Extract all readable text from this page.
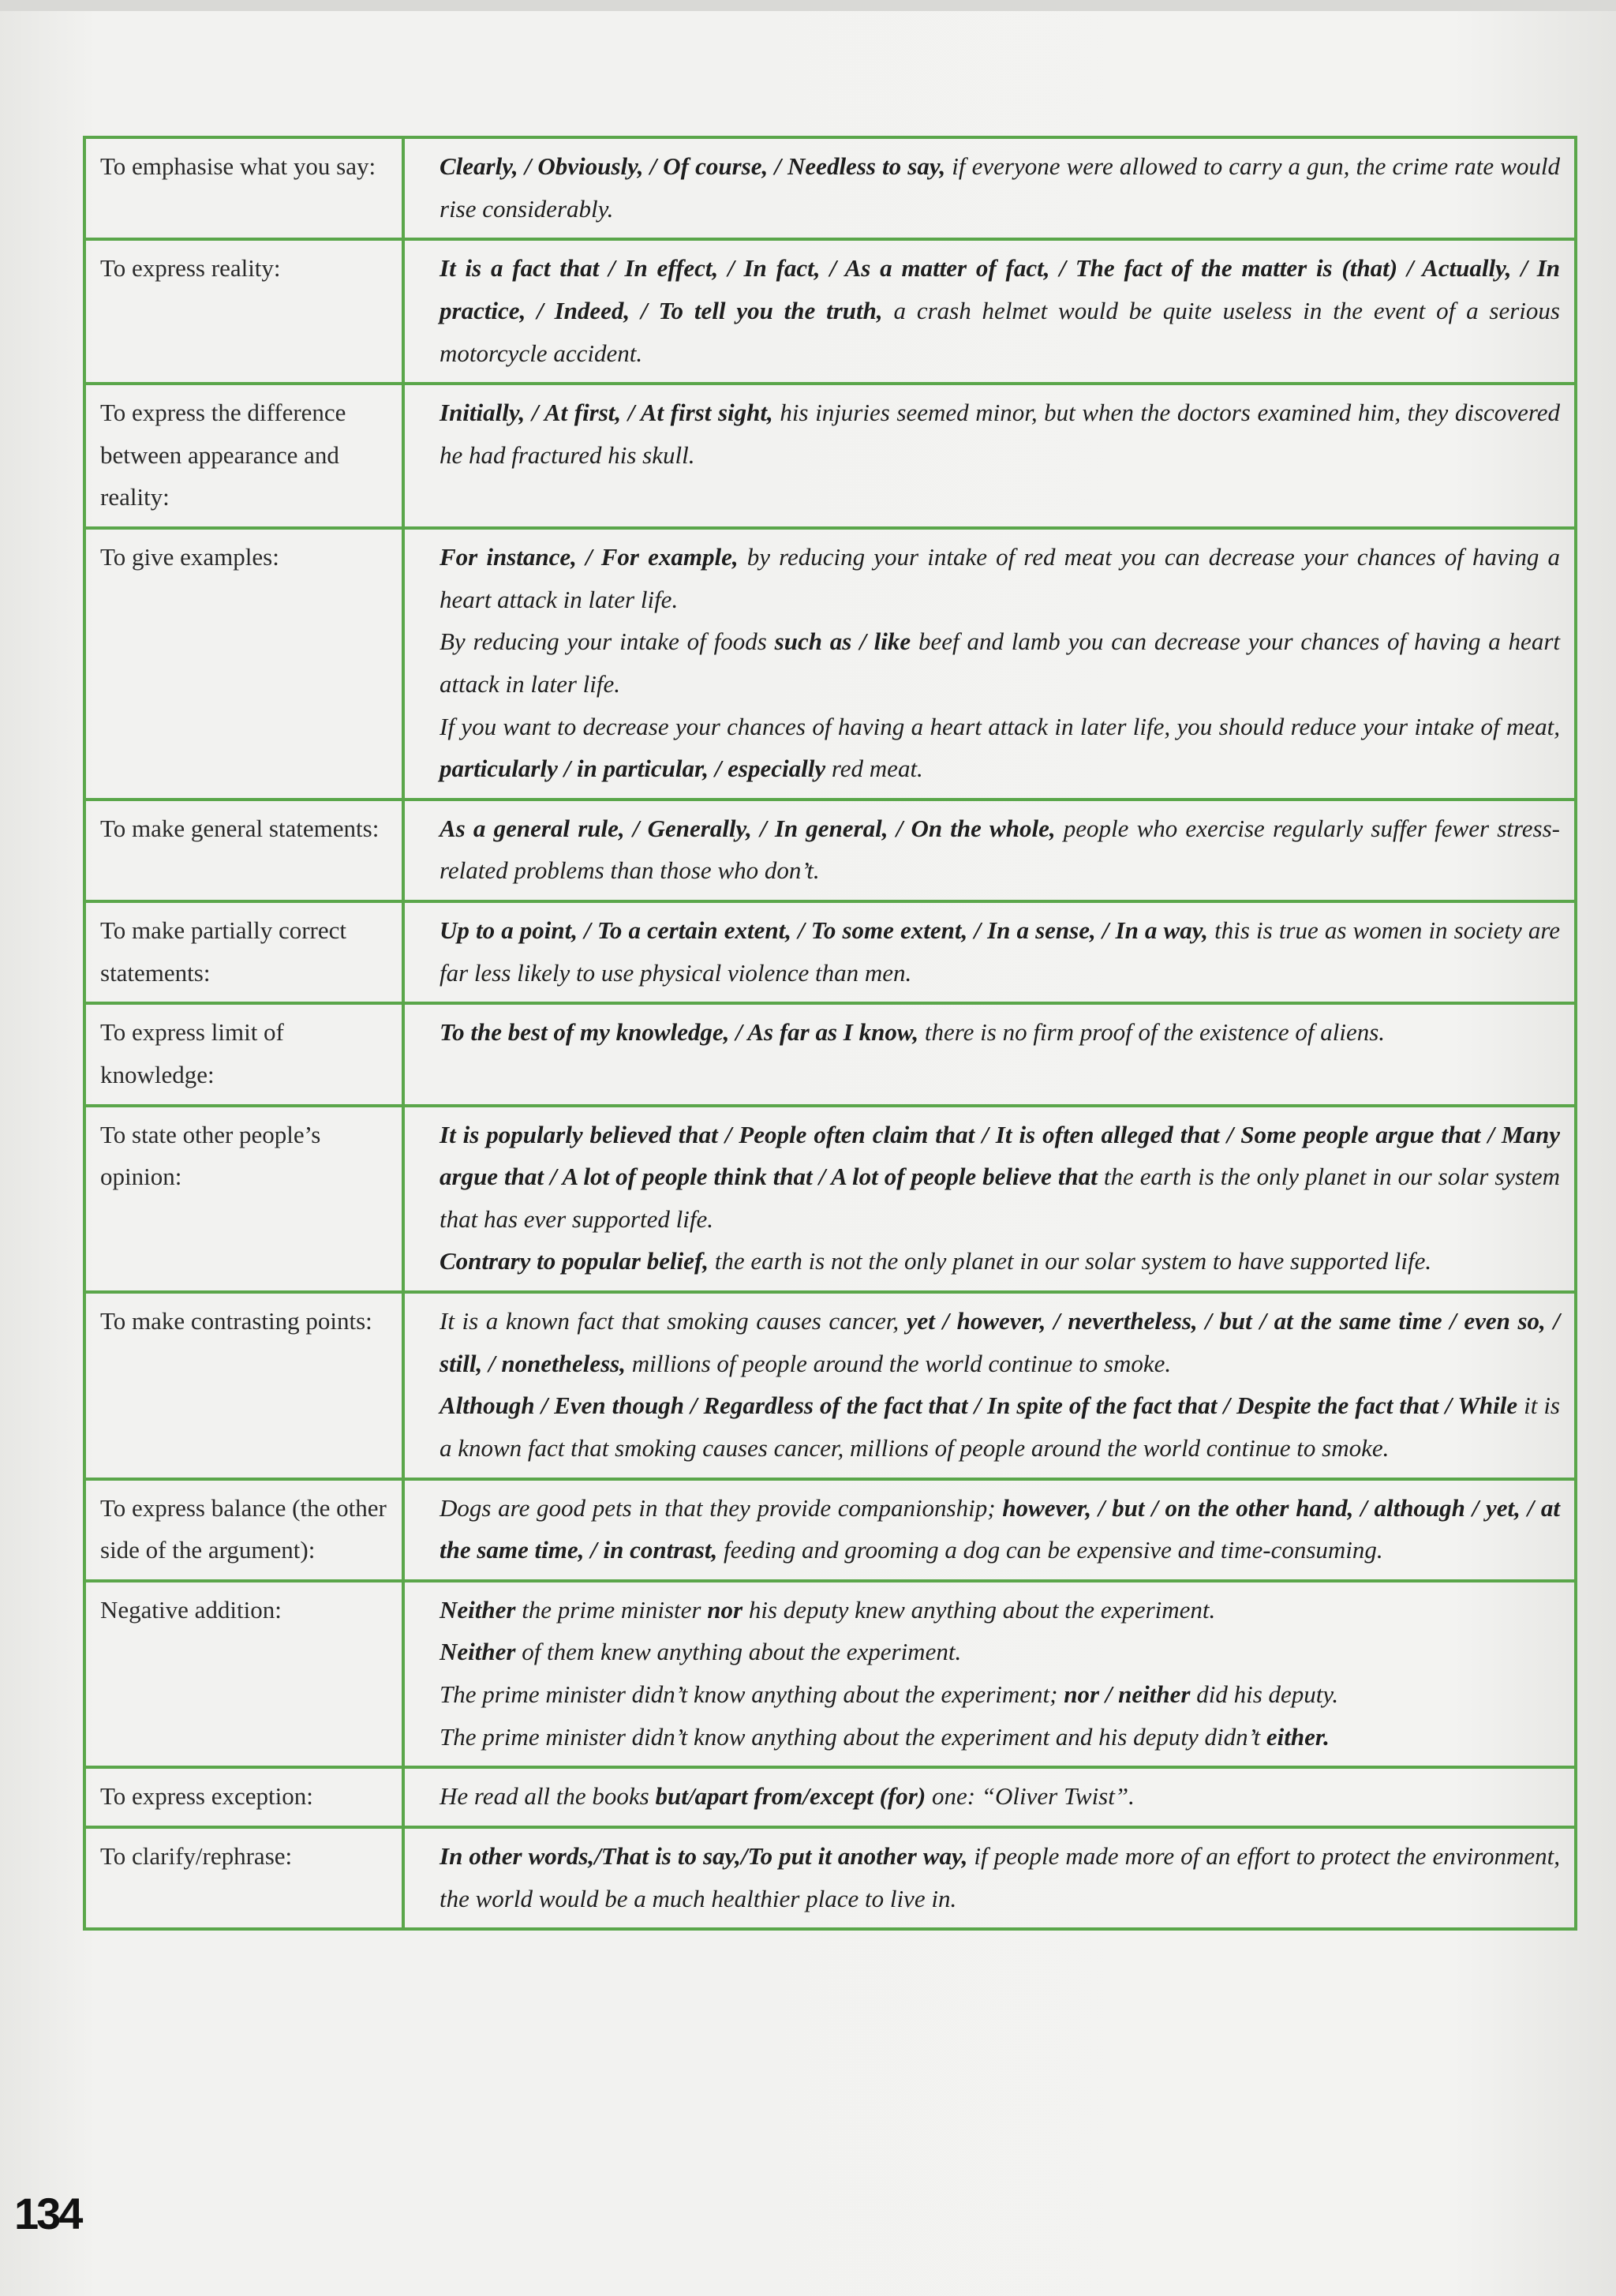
To emphasise what you say:	Clearly, / Obviously, / Of course, / Needless to say, if everyone were allowed to carry a gun, the crime rate would rise considerably.

To express reality:	It is a fact that / In effect, / In fact, / As a matter of fact, / The fact of the matter is (that) / Actually, / In practice, / Indeed, / To tell you the truth, a crash helmet would be quite useless in the event of a serious motorcycle accident.

To express the difference between appearance and reality:	Initially, / At first, / At first sight, his injuries seemed minor, but when the doctors examined him, they discovered he had fractured his skull.

To give examples:	For instance, / For example, by reducing your intake of red meat you can decrease your chances of having a heart attack in later life.

By reducing your intake of foods such as / like beef and lamb you can decrease your chances of having a heart attack in later life.

If you want to decrease your chances of having a heart attack in later life, you should reduce your intake of meat, particularly / in particular, / especially red meat.

To make general statements:	As a general rule, / Generally, / In general, / On the whole, people who exercise regularly suffer fewer stress-related problems than those who don’t.

To make partially correct statements:	Up to a point, / To a certain extent, / To some extent, / In a sense, / In a way, this is true as women in society are far less likely to use physical violence than men.

To express limit of knowledge:	To the best of my knowledge, / As far as I know, there is no firm proof of the existence of aliens.

To state other people’s opinion:	It is popularly believed that / People often claim that / It is often alleged that / Some people argue that / Many argue that / A lot of people think that / A lot of people believe that the earth is the only planet in our solar system that has ever supported life.

Contrary to popular belief, the earth is not the only planet in our solar system to have supported life.

To make contrasting points:	It is a known fact that smoking causes cancer, yet / however, / nevertheless, / but / at the same time / even so, / still, / nonetheless, millions of people around the world continue to smoke.

Although / Even though / Regardless of the fact that / In spite of the fact that / Despite the fact that / While it is a known fact that smoking causes cancer, millions of people around the world continue to smoke.

To express balance (the other side of the argument):	Dogs are good pets in that they provide companionship; however, / but / on the other hand, / although / yet, / at the same time, / in contrast, feeding and grooming a dog can be expensive and time-consuming.

Negative addition:	Neither the prime minister nor his deputy knew anything about the experiment.

Neither of them knew anything about the experiment.

The prime minister didn’t know anything about the experiment; nor / neither did his deputy.

The prime minister didn’t know anything about the experiment and his deputy didn’t either.

To express exception:	He read all the books but/apart from/except (for) one: “Oliver Twist”.

To clarify/rephrase:	In other words,/That is to say,/To put it another way, if people made more of an effort to protect the environment, the world would be a much healthier place to live in.

134
